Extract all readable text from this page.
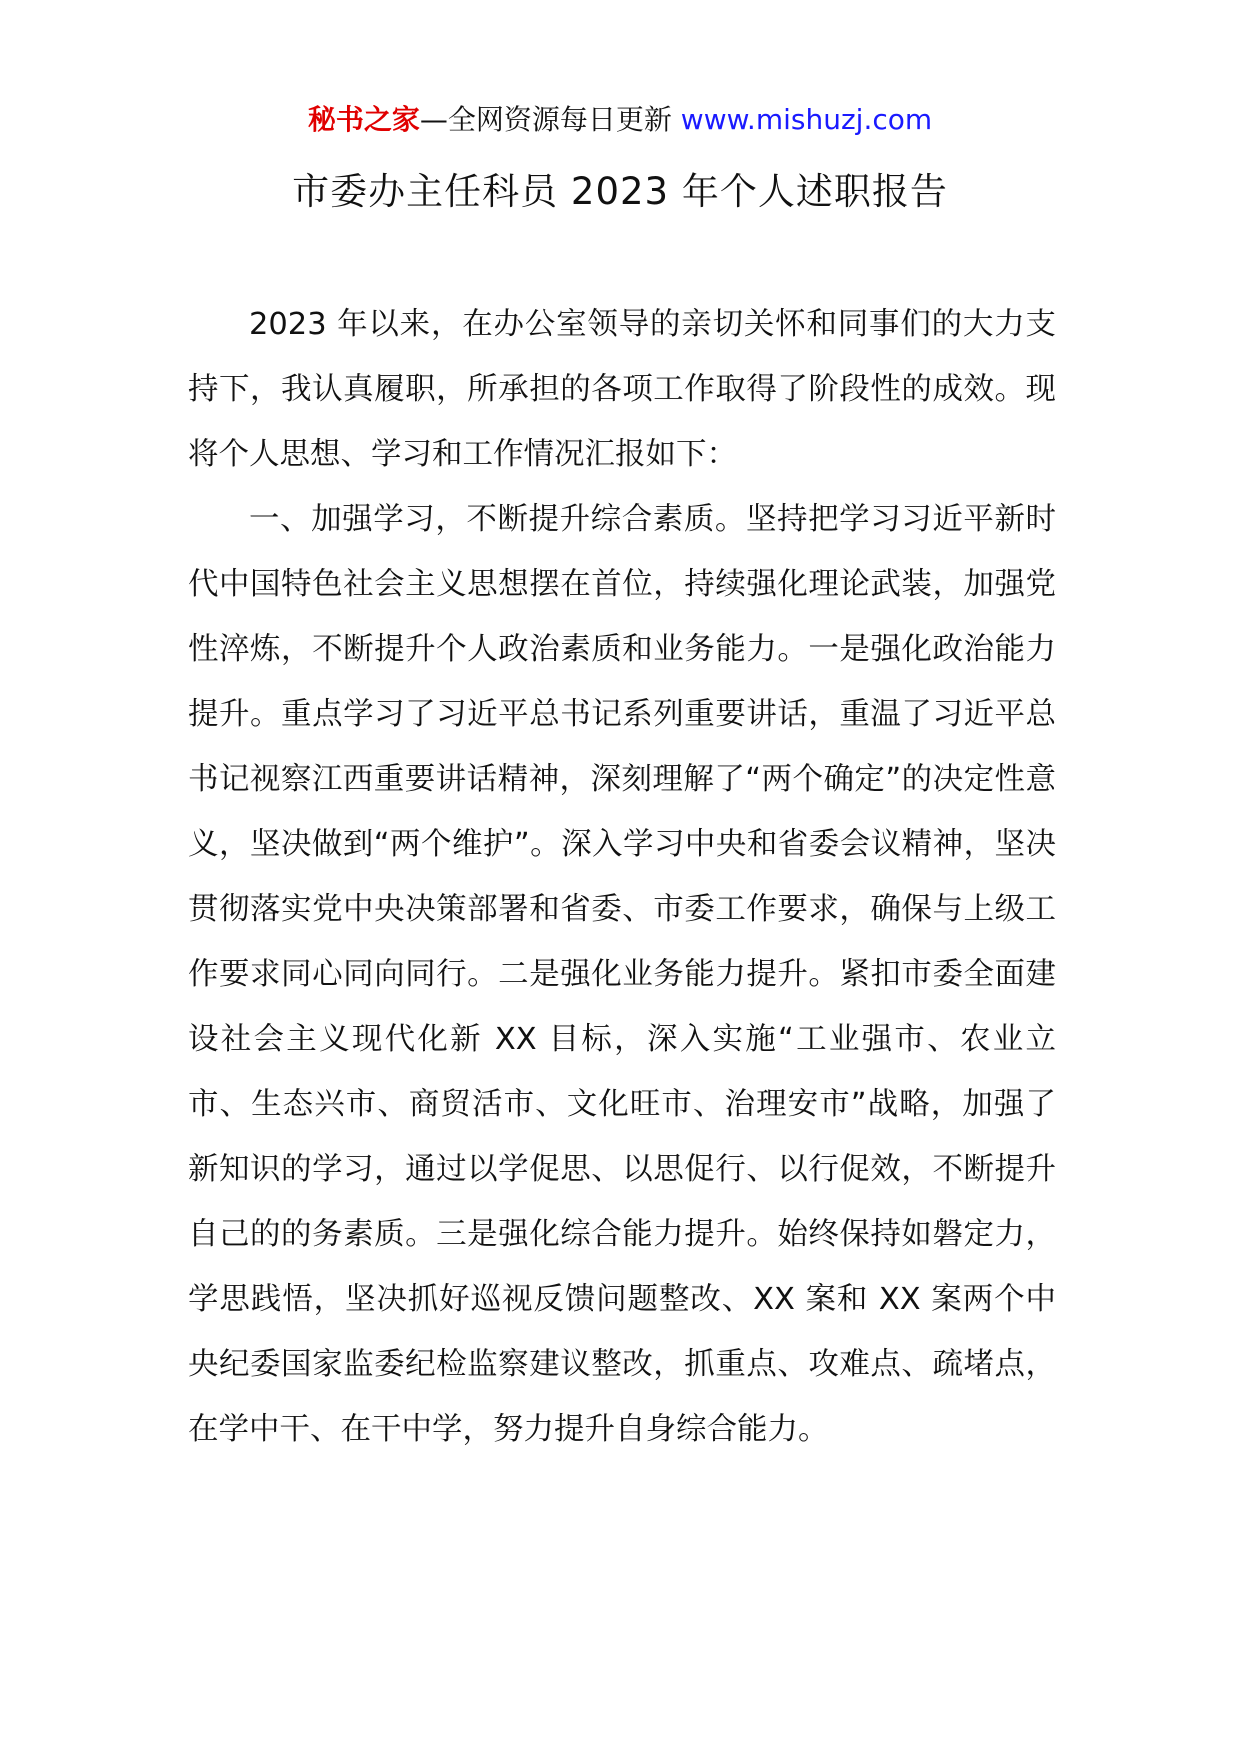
秘书之家—全网资源每日更新 www.mishuzj.com
市委办主任科员 2023 年个人述职报告

2023 年以来，在办公室领导的亲切关怀和同事们的大力支持下，我认真履职，所承担的各项工作取得了阶段性的成效。现将个人思想、学习和工作情况汇报如下：

一、加强学习，不断提升综合素质。坚持把学习习近平新时代中国特色社会主义思想摆在首位，持续强化理论武装，加强党性淬炼，不断提升个人政治素质和业务能力。一是强化政治能力提升。重点学习了习近平总书记系列重要讲话，重温了习近平总书记视察江西重要讲话精神，深刻理解了“两个确定”的决定性意义，坚决做到“两个维护”。深入学习中央和省委会议精神，坚决贯彻落实党中央决策部署和省委、市委工作要求，确保与上级工作要求同心同向同行。二是强化业务能力提升。紧扣市委全面建设社会主义现代化新 XX 目标，深入实施“工业强市、农业立市、生态兴市、商贸活市、文化旺市、治理安市”战略，加强了新知识的学习，通过以学促思、以思促行、以行促效，不断提升自己的的务素质。三是强化综合能力提升。始终保持如磐定力，学思践悟，坚决抓好巡视反馈问题整改、XX 案和 XX 案两个中央纪委国家监委纪检监察建议整改，抓重点、攻难点、疏堵点，在学中干、在干中学，努力提升自身综合能力。
